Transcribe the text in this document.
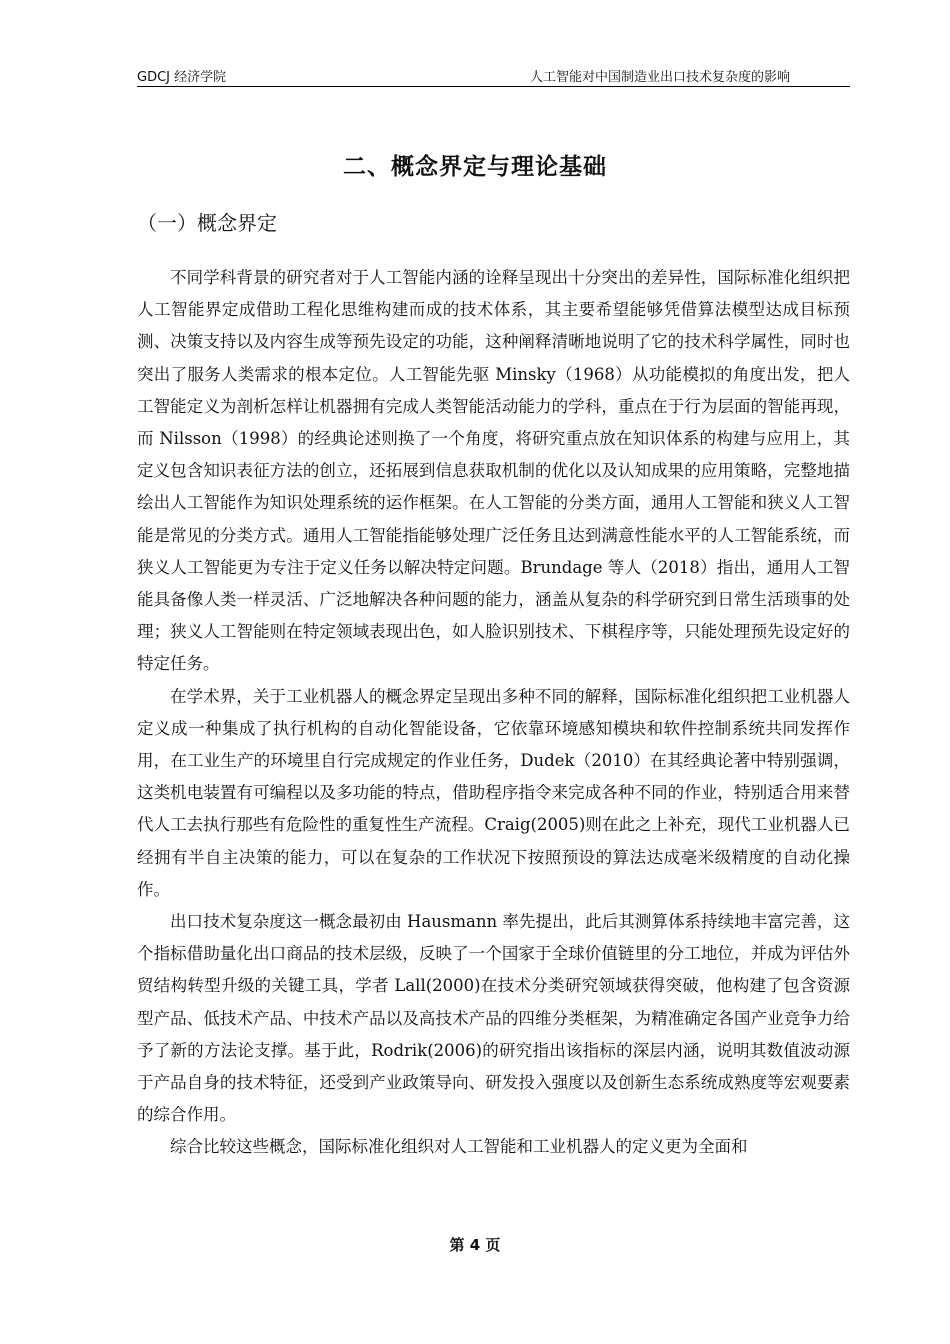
GDCJ 经济学院	人工智能对中国制造业出口技术复杂度的影响
二、概念界定与理论基础
（一）概念界定

不同学科背景的研究者对于人工智能内涵的诠释呈现出十分突出的差异性，国际标准化组织把人工智能界定成借助工程化思维构建而成的技术体系，其主要希望能够凭借算法模型达成目标预测、决策支持以及内容生成等预先设定的功能，这种阐释清晰地说明了它的技术科学属性，同时也突出了服务人类需求的根本定位。人工智能先驱 Minsky（1968）从功能模拟的角度出发，把人工智能定义为剖析怎样让机器拥有完成人类智能活动能力的学科，重点在于行为层面的智能再现，而 Nilsson（1998）的经典论述则换了一个角度，将研究重点放在知识体系的构建与应用上，其定义包含知识表征方法的创立，还拓展到信息获取机制的优化以及认知成果的应用策略，完整地描绘出人工智能作为知识处理系统的运作框架。在人工智能的分类方面，通用人工智能和狭义人工智能是常见的分类方式。通用人工智能指能够处理广泛任务且达到满意性能水平的人工智能系统，而狭义人工智能更为专注于定义任务以解决特定问题。Brundage 等人（2018）指出，通用人工智能具备像人类一样灵活、广泛地解决各种问题的能力，涵盖从复杂的科学研究到日常生活琐事的处理；狭义人工智能则在特定领域表现出色，如人脸识别技术、下棋程序等，只能处理预先设定好的特定任务。

在学术界，关于工业机器人的概念界定呈现出多种不同的解释，国际标准化组织把工业机器人定义成一种集成了执行机构的自动化智能设备，它依靠环境感知模块和软件控制系统共同发挥作用，在工业生产的环境里自行完成规定的作业任务，Dudek（2010）在其经典论著中特别强调，这类机电装置有可编程以及多功能的特点，借助程序指令来完成各种不同的作业，特别适合用来替代人工去执行那些有危险性的重复性生产流程。Craig(2005)则在此之上补充，现代工业机器人已经拥有半自主决策的能力，可以在复杂的工作状况下按照预设的算法达成毫米级精度的自动化操作。

出口技术复杂度这一概念最初由 Hausmann 率先提出，此后其测算体系持续地丰富完善，这个指标借助量化出口商品的技术层级，反映了一个国家于全球价值链里的分工地位，并成为评估外贸结构转型升级的关键工具，学者 Lall(2000)在技术分类研究领域获得突破，他构建了包含资源型产品、低技术产品、中技术产品以及高技术产品的四维分类框架，为精准确定各国产业竞争力给予了新的方法论支撑。基于此，Rodrik(2006)的研究指出该指标的深层内涵，说明其数值波动源于产品自身的技术特征，还受到产业政策导向、研发投入强度以及创新生态系统成熟度等宏观要素的综合作用。

综合比较这些概念，国际标准化组织对人工智能和工业机器人的定义更为全面和

第 4 页
